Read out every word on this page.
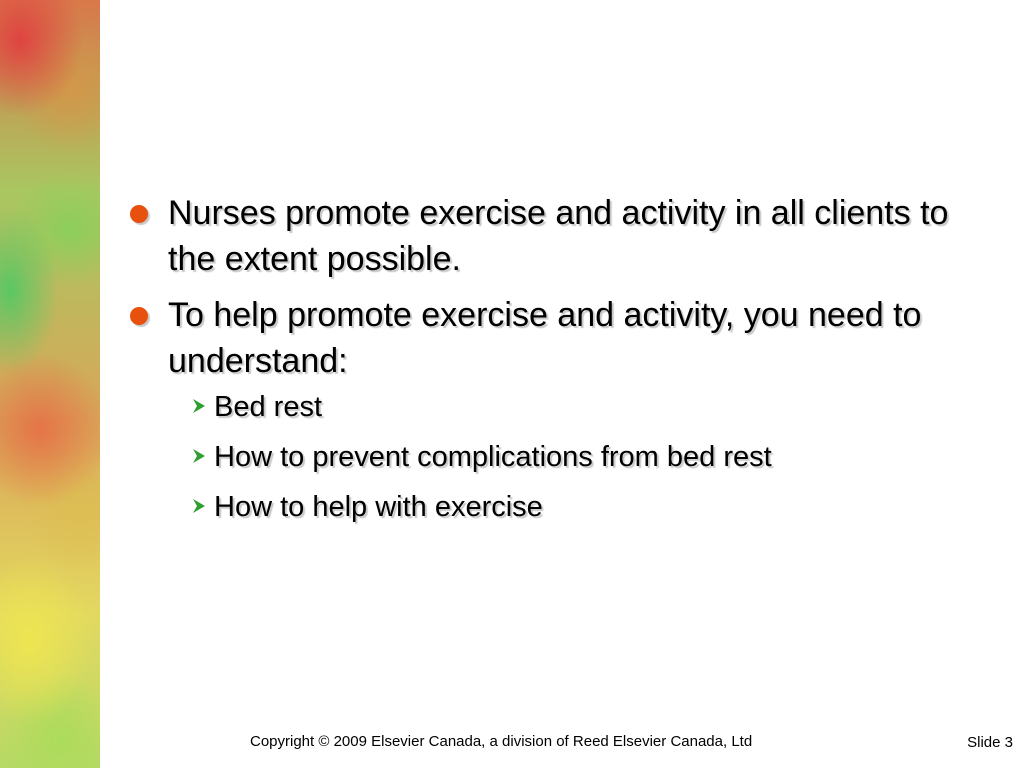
Nurses promote exercise and activity in all clients to the extent possible.
To help promote exercise and activity, you need to understand:
Bed rest
How to prevent complications from bed rest
How to help with exercise
Copyright © 2009 Elsevier Canada, a division of Reed Elsevier Canada, Ltd	Slide 3
